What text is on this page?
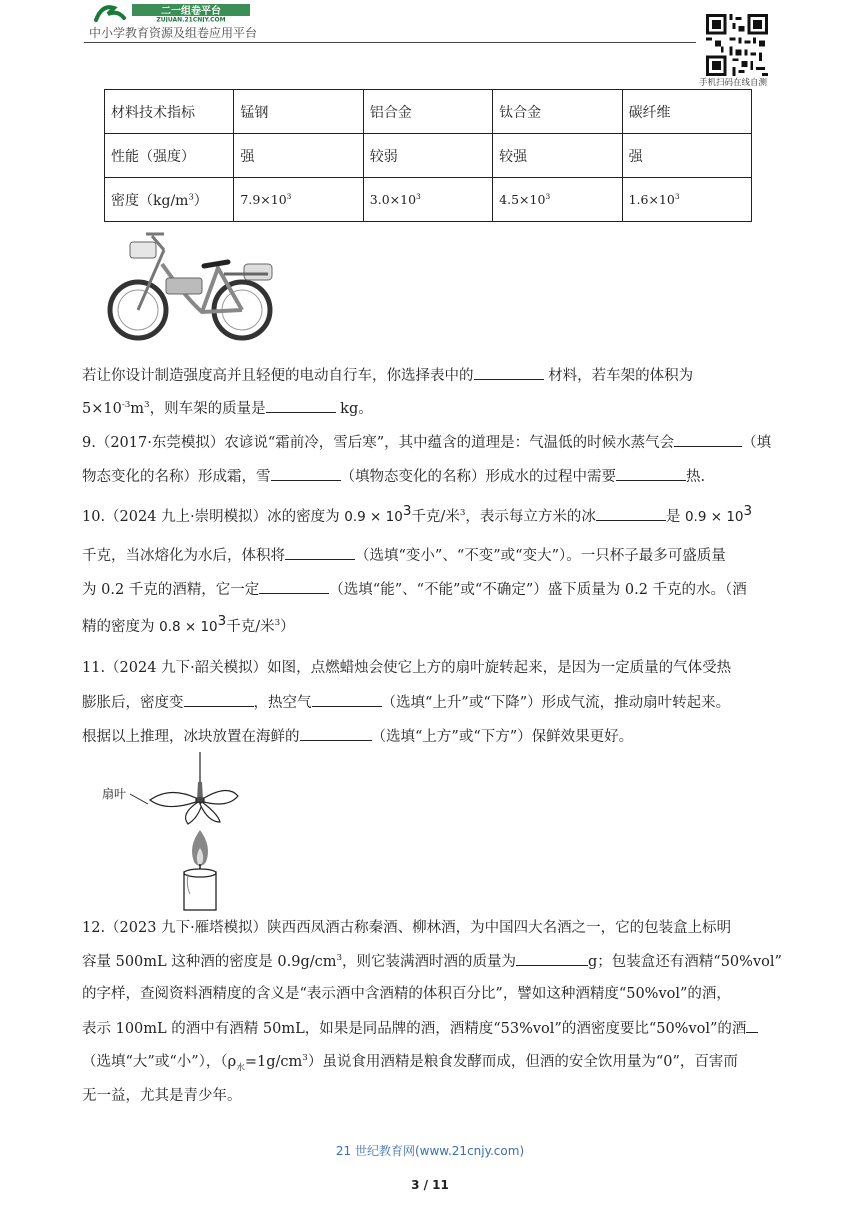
二一组卷平台
ZUJUAN.21CNJY.COM
中小学教育资源及组卷应用平台
手机扫码在线自测
材料技术指标	锰钢	铝合金	钛合金	碳纤维
性能（强度）	强	较弱	较强	强
密度$(kg/m^3)$	$7.9\times 10^3$	$3.0\times 10^3$	$4.5\times 10^3$	$1.6\times 10^3$
若让你设计制造强度高并且轻便的电动自行车，你选择表中的	材料，若车架的体积为
$5\times 10^{-3}m^3$，则车架的质量是	kg。
9.（2017·东莞模拟）农谚说“霜前冷，雪后寒”，其中蕴含的道理是：气温低的时候水蒸气会	（填
物态变化的名称）形成霜，雪	（填物态变化的名称）形成水的过程中需要	热.
10.（2024 九上·崇明模拟）冰的密度为 $0.9 \times 10^3$千克/米$^3$，表示每立方米的冰	是 $0.9 \times 10^3$
千克，当冰熔化为水后，体积将	（选填“变小”、“不变”或“变大”）。一只杯子最多可盛质量
为 0.2 千克的酒精，它一定	（选填“能”、“不能”或“不确定”）盛下质量为 0.2 千克的水。（酒
精的密度为 $0.8 \times 10^3$千克/米$^3$）
11.（2024 九下·韶关模拟）如图，点燃蜡烛会使它上方的扇叶旋转起来，是因为一定质量的气体受热
膨胀后，密度变	，热空气	（选填“上升”或“下降”）形成气流，推动扇叶转起来。
根据以上推理，冰块放置在海鲜的	（选填“上方”或“下方”）保鲜效果更好。
扇叶
12.（2023 九下·雁塔模拟）陕西西凤酒古称秦酒、柳林酒，为中国四大名酒之一，它的包装盒上标明
容量 500mL 这种酒的密度是 $0.9g/cm^3$，则它装满酒时酒的质量为	g；包装盒还有酒精“50%vol”
的字样，查阅资料酒精度的含义是“表示酒中含酒精的体积百分比”，譬如这种酒精度“50%vol”的酒，
表示 100mL 的酒中有酒精 50mL，如果是同品牌的酒，酒精度“53%vol”的酒密度要比“50%vol”的酒
（选填“大”或“小”），$(\rho_水=1g/cm^3)$虽说食用酒精是粮食发酵而成，但酒的安全饮用量为“0”，百害而
无一益，尤其是青少年。
21 世纪教育网(www.21cnjy.com)
3 / 11
